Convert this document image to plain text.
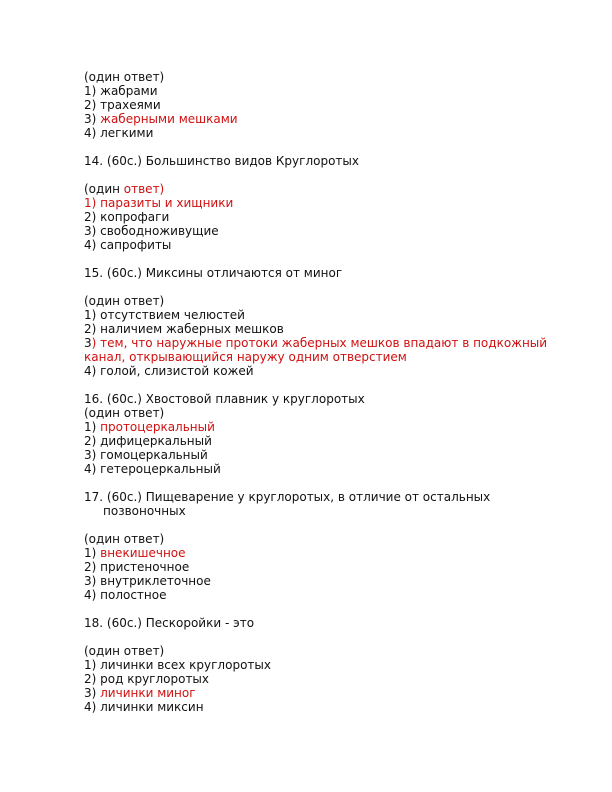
(один ответ)
1) жабрами
2) трахеями
3) жаберными мешками
4) легкими
14. (60c.) Большинство видов Круглоротых
(один ответ)
1) паразиты и хищники
2) копрофаги
3) свободноживущие
4) сапрофиты
15. (60c.) Миксины отличаются от миног
(один ответ)
1) отсутствием челюстей
2) наличием жаберных мешков
3) тем, что наружные протоки жаберных мешков впадают в подкожный
канал, открывающийся наружу одним отверстием
4) голой, слизистой кожей
16. (60c.) Хвостовой плавник у круглоротых
(один ответ)
1) протоцеркальный
2) дифицеркальный
3) гомоцеркальный
4) гетероцеркальный
17. (60c.) Пищеварение у круглоротых, в отличие от остальных
позвоночных
(один ответ)
1) внекишечное
2) пристеночное
3) внутриклеточное
4) полостное
18. (60c.) Пескоройки - это
(один ответ)
1) личинки всех круглоротых
2) род круглоротых
3) личинки миног
4) личинки миксин
